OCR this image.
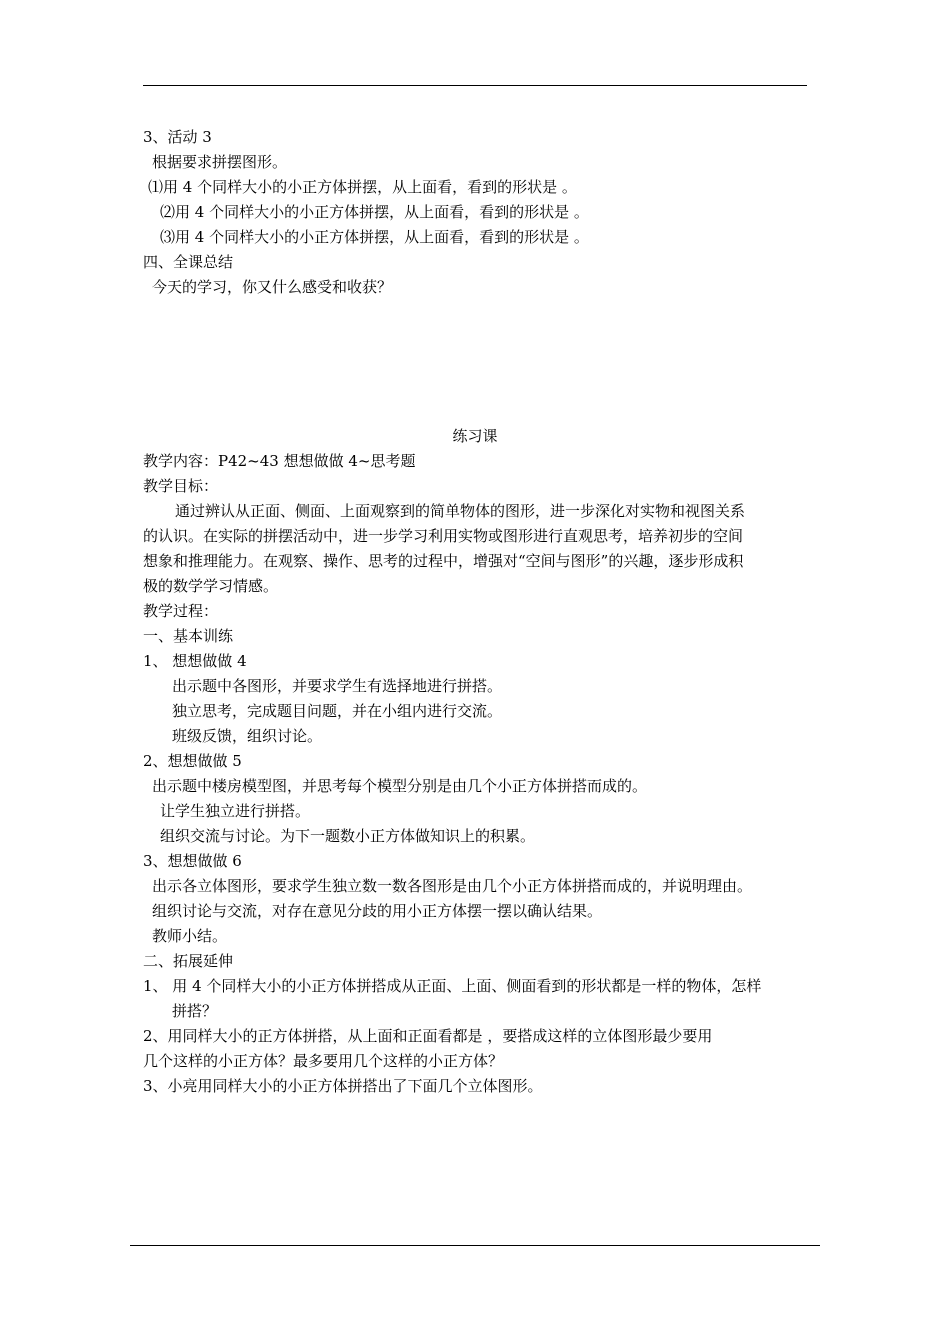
3、活动 3
根据要求拼摆图形。
⑴用 4 个同样大小的小正方体拼摆，从上面看，看到的形状是 。
⑵用 4 个同样大小的小正方体拼摆，从上面看，看到的形状是 。
⑶用 4 个同样大小的小正方体拼摆，从上面看，看到的形状是 。
四、全课总结
今天的学习，你又什么感受和收获？
练习课
教学内容：P42~43 想想做做 4~思考题
教学目标：
通过辨认从正面、侧面、上面观察到的简单物体的图形，进一步深化对实物和视图关系
的认识。在实际的拼摆活动中，进一步学习利用实物或图形进行直观思考，培养初步的空间
想象和推理能力。在观察、操作、思考的过程中，增强对“空间与图形”的兴趣，逐步形成积
极的数学学习情感。
教学过程：
一、基本训练
1、 想想做做 4
出示题中各图形，并要求学生有选择地进行拼搭。
独立思考，完成题目问题，并在小组内进行交流。
班级反馈，组织讨论。
2、想想做做 5
出示题中楼房模型图，并思考每个模型分别是由几个小正方体拼搭而成的。
让学生独立进行拼搭。
组织交流与讨论。为下一题数小正方体做知识上的积累。
3、想想做做 6
出示各立体图形，要求学生独立数一数各图形是由几个小正方体拼搭而成的，并说明理由。
组织讨论与交流，对存在意见分歧的用小正方体摆一摆以确认结果。
教师小结。
二、拓展延伸
1、 用 4 个同样大小的小正方体拼搭成从正面、上面、侧面看到的形状都是一样的物体，怎样
拼搭？
2、用同样大小的正方体拼搭，从上面和正面看都是 ，要搭成这样的立体图形最少要用
几个这样的小正方体？最多要用几个这样的小正方体？
3、小亮用同样大小的小正方体拼搭出了下面几个立体图形。
